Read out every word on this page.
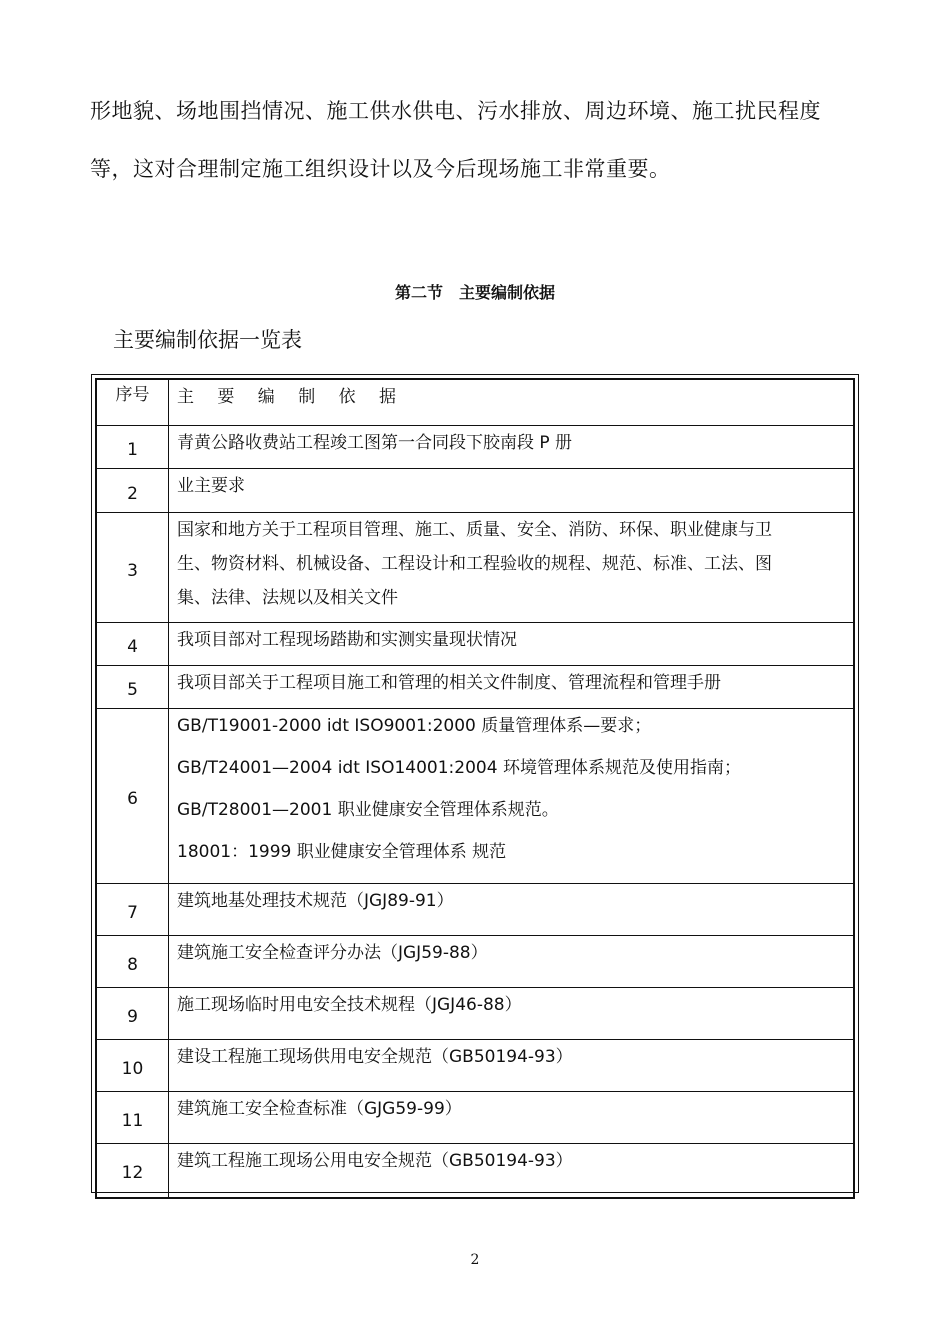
形地貌、场地围挡情况、施工供水供电、污水排放、周边环境、施工扰民程度
等，这对合理制定施工组织设计以及今后现场施工非常重要。
第二节　主要编制依据
主要编制依据一览表
序号	主 要 编 制 依 据
1	青黄公路收费站工程竣工图第一合同段下胶南段 P 册

2	业主要求

3	国家和地方关于工程项目管理、施工、质量、安全、消防、环保、职业健康与卫
生、物资材料、机械设备、工程设计和工程验收的规程、规范、标准、工法、图
集、法律、法规以及相关文件

4	我项目部对工程现场踏勘和实测实量现状情况

5	我项目部关于工程项目施工和管理的相关文件制度、管理流程和管理手册

6	GB/T19001-2000 idt ISO9001:2000 质量管理体系—要求；
GB/T24001—2004 idt ISO14001:2004 环境管理体系规范及使用指南；
GB/T28001—2001 职业健康安全管理体系规范。
18001：1999 职业健康安全管理体系 规范

7	建筑地基处理技术规范（JGJ89-91）

8	建筑施工安全检查评分办法（JGJ59-88）

9	施工现场临时用电安全技术规程（JGJ46-88）

10	建设工程施工现场供用电安全规范（GB50194-93）

11	建筑施工安全检查标准（GJG59-99）

12	建筑工程施工现场公用电安全规范（GB50194-93）
2
